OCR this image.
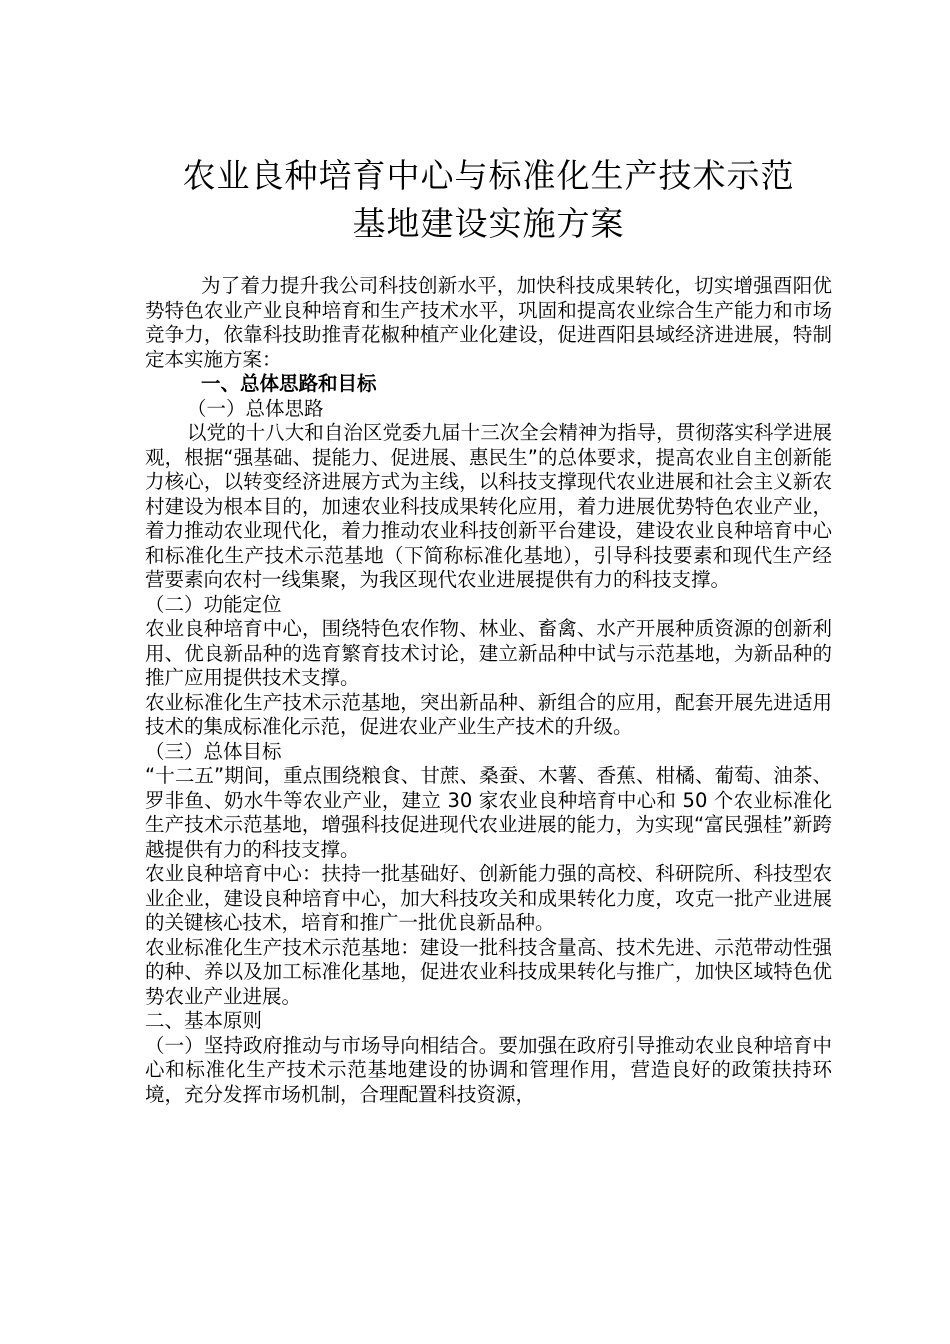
农业良种培育中心与标准化生产技术示范
基地建设实施方案

为了着力提升我公司科技创新水平，加快科技成果转化，切实增强酉阳优势特色农业产业良种培育和生产技术水平，巩固和提高农业综合生产能力和市场竞争力，依靠科技助推青花椒种植产业化建设，促进酉阳县域经济进进展，特制定本实施方案：

一、总体思路和目标

（一）总体思路

以党的十八大和自治区党委九届十三次全会精神为指导，贯彻落实科学进展观，根据“强基础、提能力、促进展、惠民生”的总体要求，提高农业自主创新能力核心，以转变经济进展方式为主线，以科技支撑现代农业进展和社会主义新农村建设为根本目的，加速农业科技成果转化应用，着力进展优势特色农业产业，着力推动农业现代化，着力推动农业科技创新平台建设，建设农业良种培育中心和标准化生产技术示范基地（下简称标准化基地），引导科技要素和现代生产经营要素向农村一线集聚，为我区现代农业进展提供有力的科技支撑。

（二）功能定位

农业良种培育中心，围绕特色农作物、林业、畜禽、水产开展种质资源的创新利用、优良新品种的选育繁育技术讨论，建立新品种中试与示范基地，为新品种的推广应用提供技术支撑。

农业标准化生产技术示范基地，突出新品种、新组合的应用，配套开展先进适用技术的集成标准化示范，促进农业产业生产技术的升级。

（三）总体目标

“十二五”期间，重点围绕粮食、甘蔗、桑蚕、木薯、香蕉、柑橘、葡萄、油茶、罗非鱼、奶水牛等农业产业，建立 30 家农业良种培育中心和 50 个农业标准化生产技术示范基地，增强科技促进现代农业进展的能力，为实现“富民强桂”新跨越提供有力的科技支撑。

农业良种培育中心：扶持一批基础好、创新能力强的高校、科研院所、科技型农业企业，建设良种培育中心，加大科技攻关和成果转化力度，攻克一批产业进展的关键核心技术，培育和推广一批优良新品种。

农业标准化生产技术示范基地：建设一批科技含量高、技术先进、示范带动性强的种、养以及加工标准化基地，促进农业科技成果转化与推广，加快区域特色优势农业产业进展。

二、基本原则

（一）坚持政府推动与市场导向相结合。要加强在政府引导推动农业良种培育中心和标准化生产技术示范基地建设的协调和管理作用，营造良好的政策扶持环境，充分发挥市场机制，合理配置科技资源，
